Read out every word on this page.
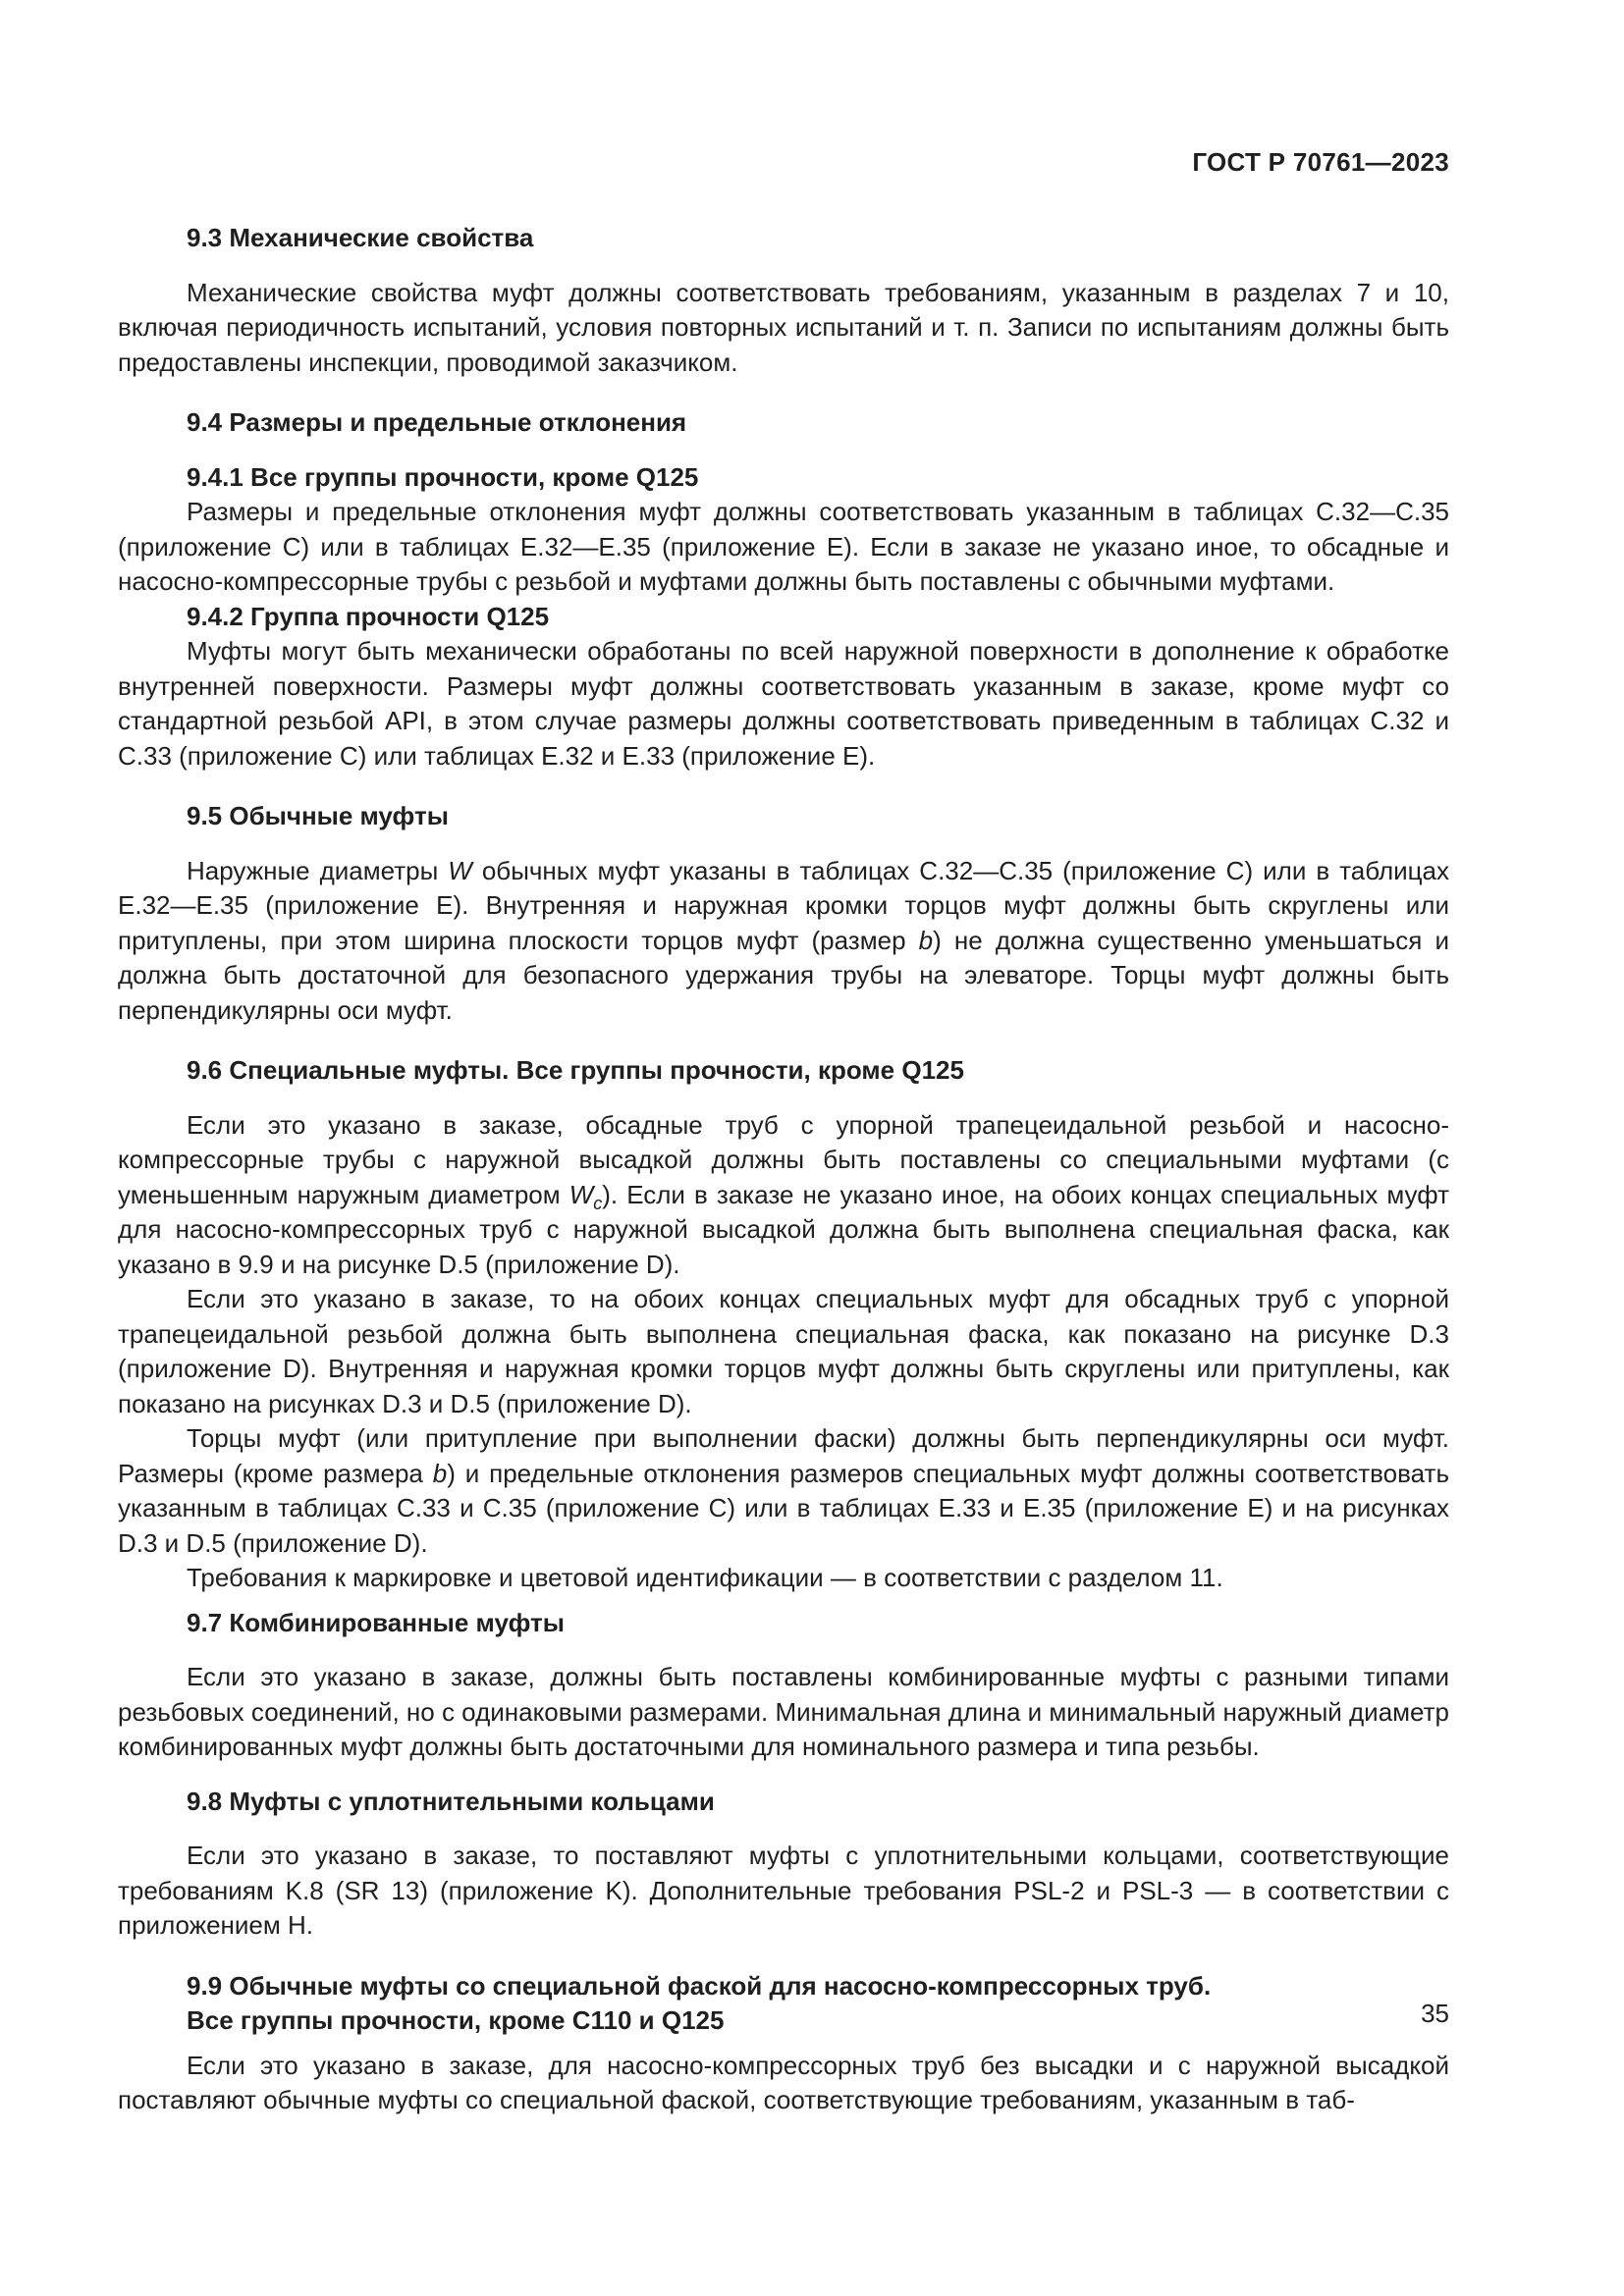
ГОСТ Р 70761—2023

9.3 Механические свойства

Механические свойства муфт должны соответствовать требованиям, указанным в разделах 7 и 10, включая периодичность испытаний, условия повторных испытаний и т. п. Записи по испытаниям должны быть предоставлены инспекции, проводимой заказчиком.

9.4 Размеры и предельные отклонения

9.4.1 Все группы прочности, кроме Q125

Размеры и предельные отклонения муфт должны соответствовать указанным в таблицах C.32—C.35 (приложение C) или в таблицах E.32—E.35 (приложение E). Если в заказе не указано иное, то обсадные и насосно-компрессорные трубы с резьбой и муфтами должны быть поставлены с обычными муфтами.

9.4.2 Группа прочности Q125

Муфты могут быть механически обработаны по всей наружной поверхности в дополнение к обработке внутренней поверхности. Размеры муфт должны соответствовать указанным в заказе, кроме муфт со стандартной резьбой API, в этом случае размеры должны соответствовать приведенным в таблицах C.32 и C.33 (приложение C) или таблицах E.32 и E.33 (приложение E).

9.5 Обычные муфты

Наружные диаметры W обычных муфт указаны в таблицах C.32—C.35 (приложение C) или в таблицах E.32—E.35 (приложение E). Внутренняя и наружная кромки торцов муфт должны быть скруглены или притуплены, при этом ширина плоскости торцов муфт (размер b) не должна существенно уменьшаться и должна быть достаточной для безопасного удержания трубы на элеваторе. Торцы муфт должны быть перпендикулярны оси муфт.

9.6 Специальные муфты. Все группы прочности, кроме Q125

Если это указано в заказе, обсадные труб с упорной трапецеидальной резьбой и насосно-компрессорные трубы с наружной высадкой должны быть поставлены со специальными муфтами (с уменьшенным наружным диаметром $W_c$). Если в заказе не указано иное, на обоих концах специальных муфт для насосно-компрессорных труб с наружной высадкой должна быть выполнена специальная фаска, как указано в 9.9 и на рисунке D.5 (приложение D).

Если это указано в заказе, то на обоих концах специальных муфт для обсадных труб с упорной трапецеидальной резьбой должна быть выполнена специальная фаска, как показано на рисунке D.3 (приложение D). Внутренняя и наружная кромки торцов муфт должны быть скруглены или притуплены, как показано на рисунках D.3 и D.5 (приложение D).

Торцы муфт (или притупление при выполнении фаски) должны быть перпендикулярны оси муфт. Размеры (кроме размера b) и предельные отклонения размеров специальных муфт должны соответствовать указанным в таблицах C.33 и C.35 (приложение C) или в таблицах E.33 и E.35 (приложение E) и на рисунках D.3 и D.5 (приложение D).

Требования к маркировке и цветовой идентификации — в соответствии с разделом 11.

9.7 Комбинированные муфты

Если это указано в заказе, должны быть поставлены комбинированные муфты с разными типами резьбовых соединений, но с одинаковыми размерами. Минимальная длина и минимальный наружный диаметр комбинированных муфт должны быть достаточными для номинального размера и типа резьбы.

9.8 Муфты с уплотнительными кольцами

Если это указано в заказе, то поставляют муфты с уплотнительными кольцами, соответствующие требованиям K.8 (SR 13) (приложение K). Дополнительные требования PSL-2 и PSL-3 — в соответствии с приложением H.

9.9 Обычные муфты со специальной фаской для насосно-компрессорных труб.

Все группы прочности, кроме C110 и Q125

Если это указано в заказе, для насосно-компрессорных труб без высадки и с наружной высадкой поставляют обычные муфты со специальной фаской, соответствующие требованиям, указанным в таб-

35
